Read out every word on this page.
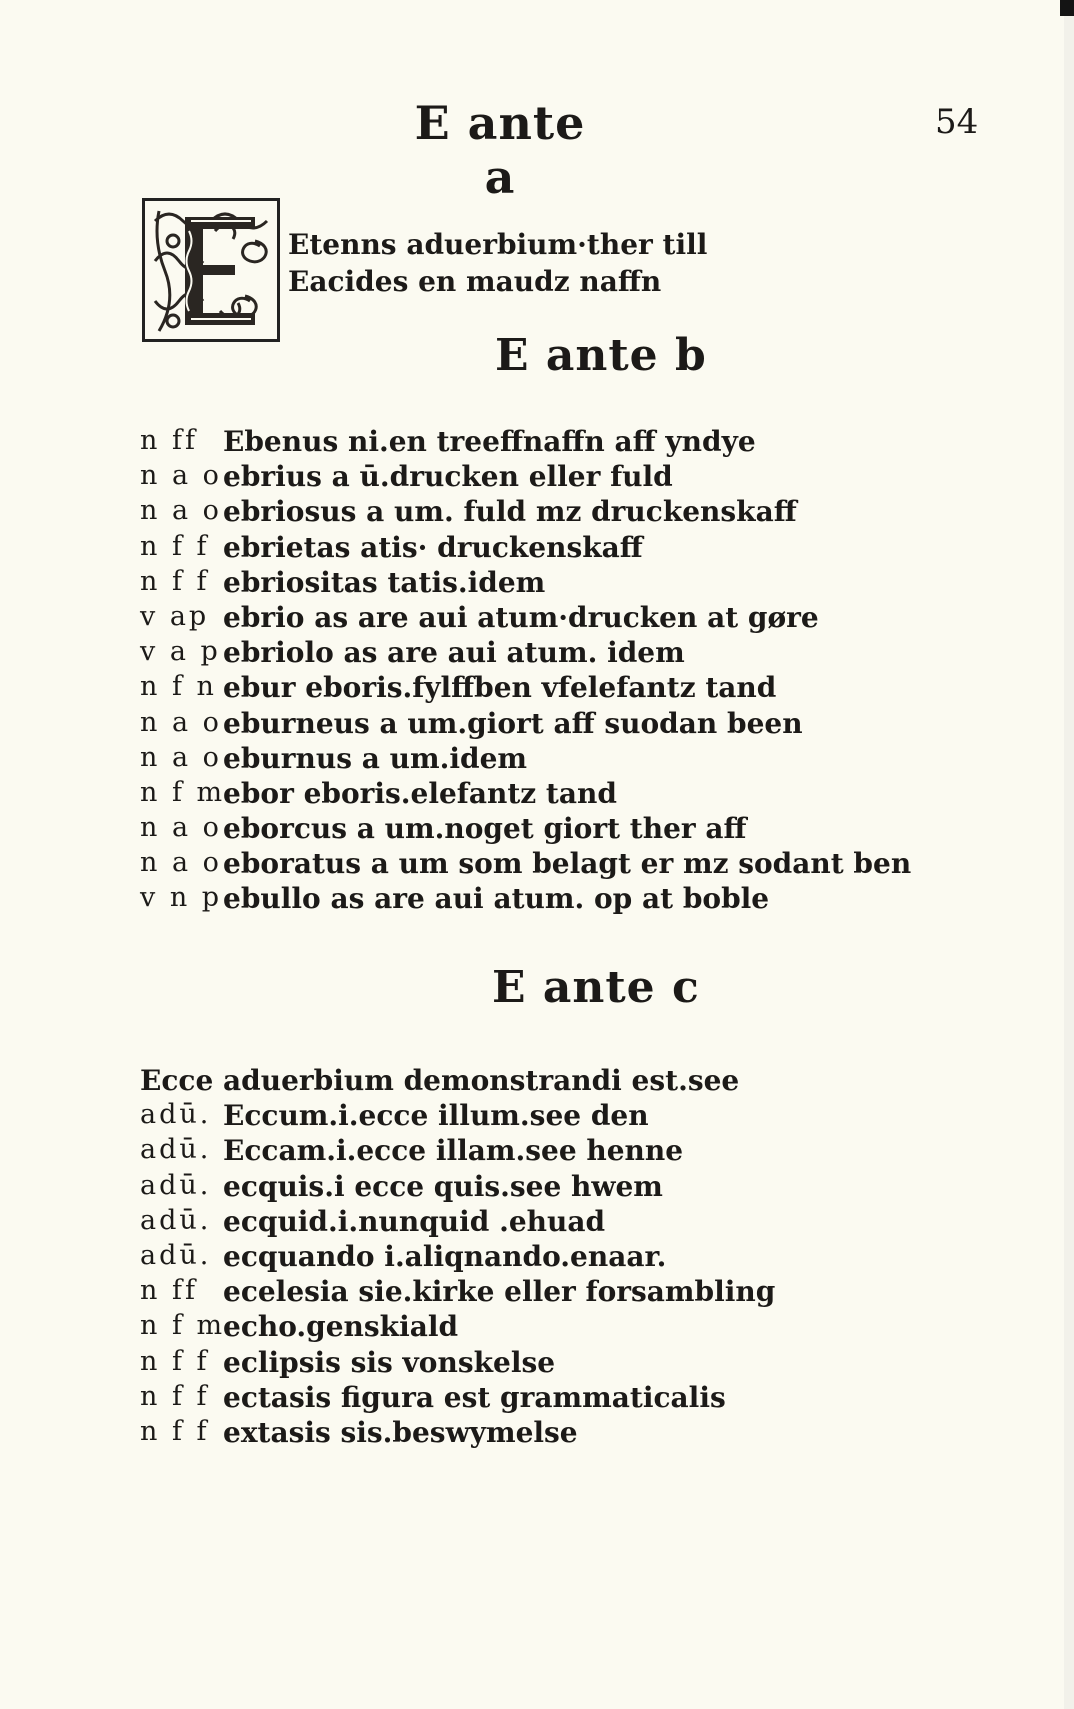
E ante a
54
Etenns aduerbium·ther till
Eacides en maudz naffn
E ante b
n ff Ebenus ni.en treeffnaffn aff yndye
n a o ebrius a ū.drucken eller fuld
n a o ebriosus a um. fuld mz druckenskaff
n f f ebrietas atis· druckenskaff
n f f ebriositas tatis.idem
v ap ebrio as are aui atum·drucken at gøre
v a p ebriolo as are aui atum. idem
n f n ebur eboris.fylffben vfelefantz tand
n a o eburneus a um.giort aff suodan been
n a o eburnus a um.idem
n f m
ebor eboris.elefantz tand
n a o eborcus a um.noget giort ther aff
n a o eboratus a um som belagt er mz sodant ben
v n p ebullo as are aui atum. op at boble
E ante c
Ecce aduerbium demonstrandi est.see
adū. Eccum.i.ecce illum.see den
adū. Eccam.i.ecce illam.see henne
adū. ecquis.i ecce quis.see hwem
adū. ecquid.i.nunquid .ehuad
adū. ecquando i.aliqnando.enaar.
n ff ecelesia sie.kirke eller forsambling
n f m
echo.genskiald
n f f eclipsis sis vonskelse
n f f ectasis figura est grammaticalis
n f f extasis sis.beswymelse
